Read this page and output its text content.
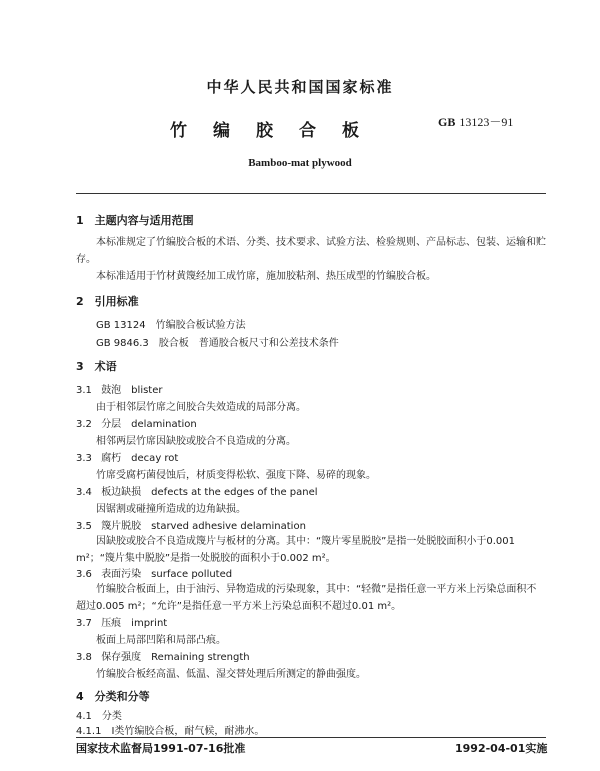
中华人民共和国国家标准
GB 13123－91
竹编胶合板
Bamboo-mat plywood
1　主题内容与适用范围
本标准规定了竹编胶合板的术语、分类、技术要求、试验方法、检验规则、产品标志、包装、运输和贮存。
本标准适用于竹材黄篾经加工成竹席，施加胶粘剂、热压成型的竹编胶合板。
2　引用标准
GB 13124　竹编胶合板试验方法
GB 9846.3　胶合板　普通胶合板尺寸和公差技术条件
3　术语
3.1 鼓泡　blister
由于相邻层竹席之间胶合失效造成的局部分离。
3.2 分层　delamination
相邻两层竹席因缺胶或胶合不良造成的分离。
3.3 腐朽　decay rot
竹席受腐朽菌侵蚀后，材质变得松软、强度下降、易碎的现象。
3.4 板边缺损　defects at the edges of the panel
因锯割或碰撞所造成的边角缺损。
3.5 篾片脱胶　starved adhesive delamination
因缺胶或胶合不良造成篾片与板材的分离。其中：“篾片零星脱胶”是指一处脱胶面积小于0.001 m²；“篾片集中脱胶”是指一处脱胶的面积小于0.002 m²。
3.6 表面污染　surface polluted
竹编胶合板面上，由于油污、异物造成的污染现象，其中：“轻微”是指任意一平方米上污染总面积不超过0.005 m²；“允许”是指任意一平方米上污染总面积不超过0.01 m²。
3.7 压痕　imprint
板面上局部凹陷和局部凸痕。
3.8 保存强度　Remaining strength
竹编胶合板经高温、低温、湿交替处理后所测定的静曲强度。
4　分类和分等
4.1　分类
4.1.1　Ⅰ类竹编胶合板，耐气候，耐沸水。
国家技术监督局1991-07-16批准	1992-04-01实施
